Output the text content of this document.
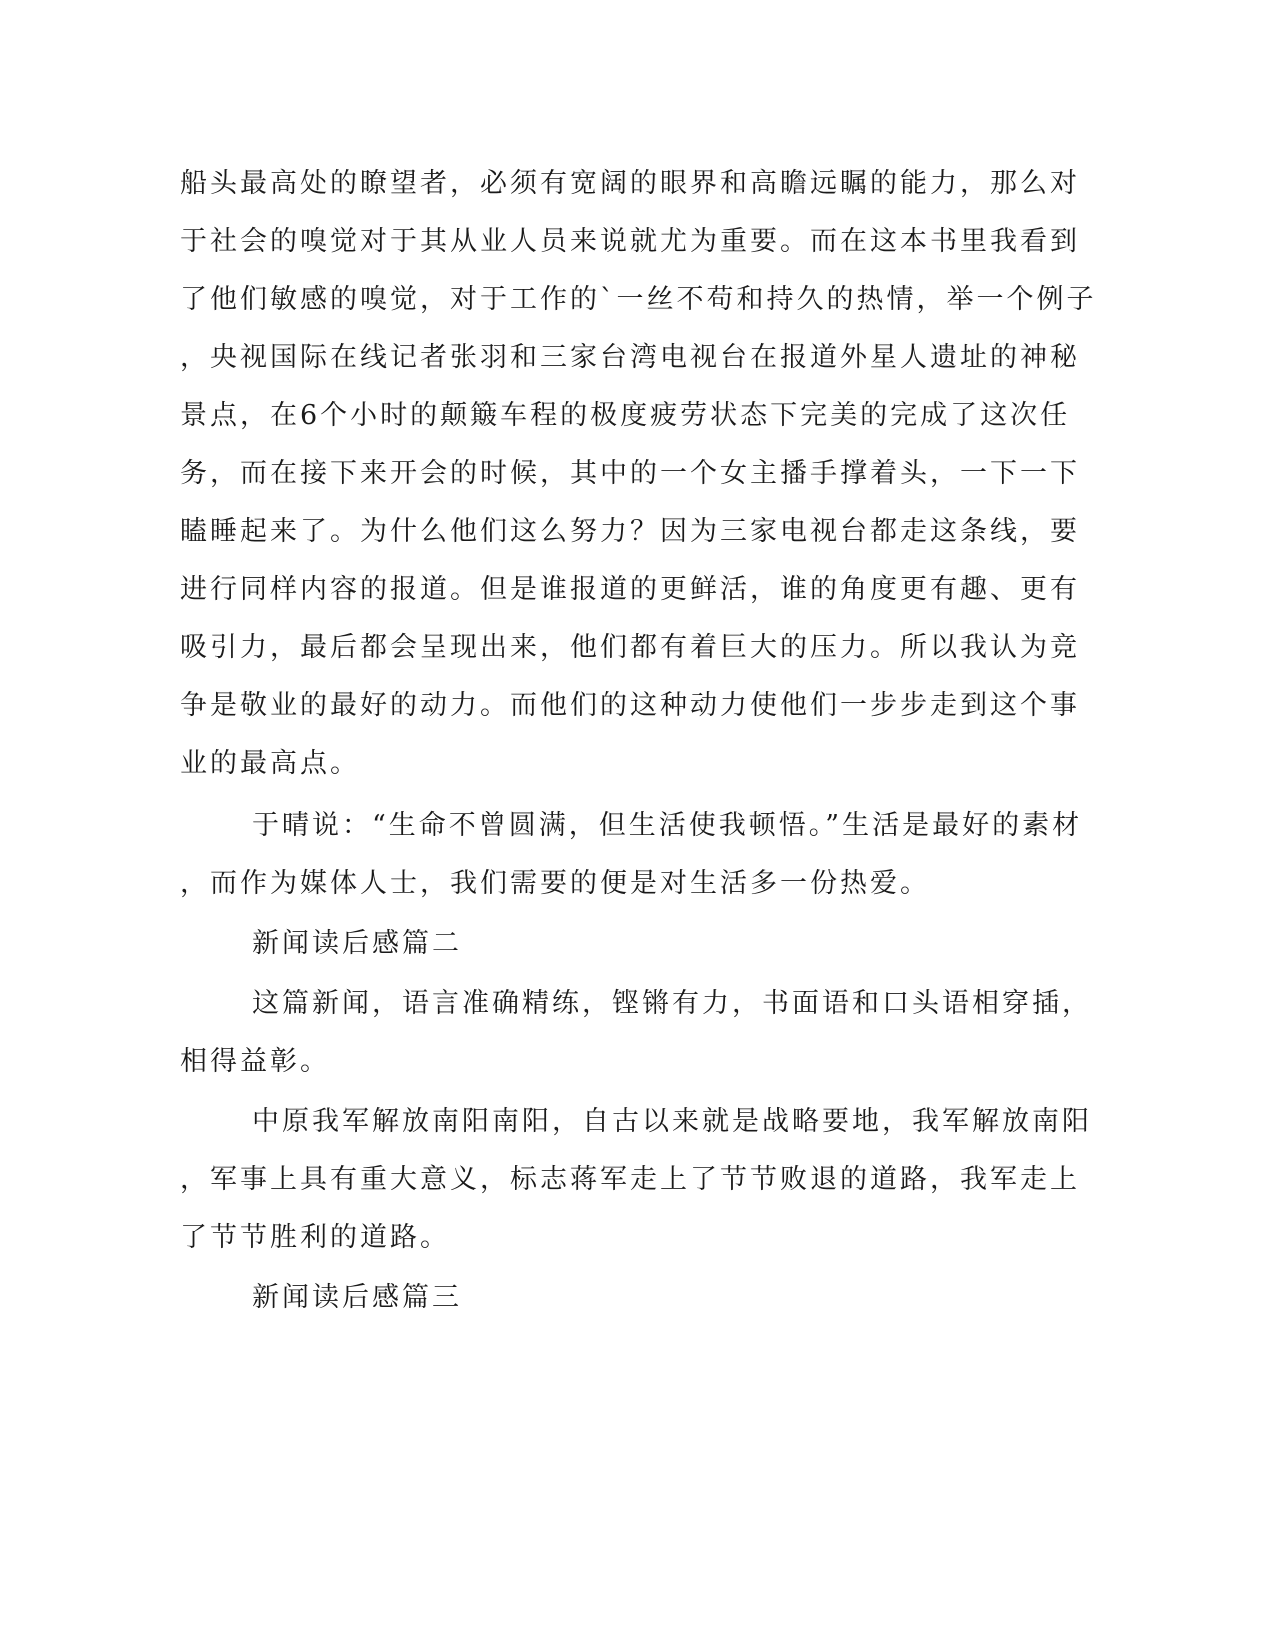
船头最高处的瞭望者，必须有宽阔的眼界和高瞻远瞩的能力，那么对
于社会的嗅觉对于其从业人员来说就尤为重要。而在这本书里我看到
了他们敏感的嗅觉，对于工作的`一丝不苟和持久的热情，举一个例子
，央视国际在线记者张羽和三家台湾电视台在报道外星人遗址的神秘
景点，在6个小时的颠簸车程的极度疲劳状态下完美的完成了这次任
务，而在接下来开会的时候，其中的一个女主播手撑着头，一下一下
瞌睡起来了。为什么他们这么努力？因为三家电视台都走这条线，要
进行同样内容的报道。但是谁报道的更鲜活，谁的角度更有趣、更有
吸引力，最后都会呈现出来，他们都有着巨大的压力。所以我认为竞
争是敬业的最好的动力。而他们的这种动力使他们一步步走到这个事
业的最高点。
于晴说：“生命不曾圆满，但生活使我顿悟。”生活是最好的素材
，而作为媒体人士，我们需要的便是对生活多一份热爱。
新闻读后感篇二
这篇新闻，语言准确精练，铿锵有力，书面语和口头语相穿插，
相得益彰。
中原我军解放南阳南阳，自古以来就是战略要地，我军解放南阳
，军事上具有重大意义，标志蒋军走上了节节败退的道路，我军走上
了节节胜利的道路。
新闻读后感篇三
